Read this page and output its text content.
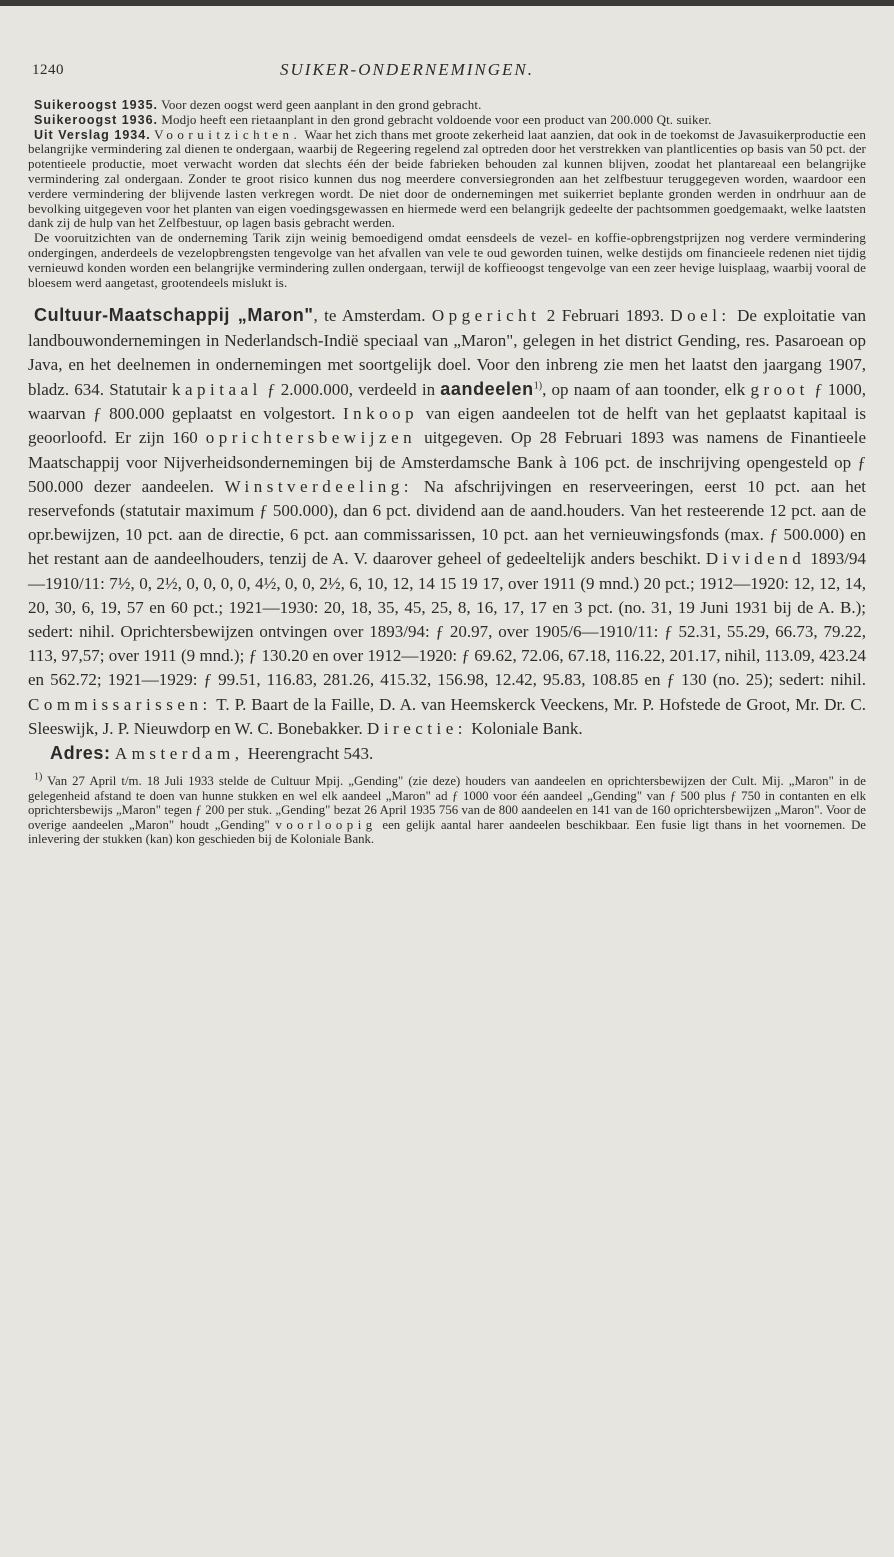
1240	SUIKER-ONDERNEMINGEN.

Suikeroogst 1935. Voor dezen oogst werd geen aanplant in den grond gebracht.

Suikeroogst 1936. Modjo heeft een rietaanplant in den grond gebracht voldoende voor een product van 200.000 Qt. suiker.

Uit Verslag 1934. Vooruitzichten. Waar het zich thans met groote zekerheid laat aanzien, dat ook in de toekomst de Javasuikerproductie een belangrijke vermindering zal dienen te ondergaan, waarbij de Regeering regelend zal optreden door het verstrekken van plantlicenties op basis van 50 pct. der potentieele productie, moet verwacht worden dat slechts één der beide fabrieken behouden zal kunnen blijven, zoodat het plantareaal een belangrijke vermindering zal ondergaan. Zonder te groot risico kunnen dus nog meerdere conversiegronden aan het zelfbestuur teruggegeven worden, waardoor een verdere vermindering der blijvende lasten verkregen wordt. De niet door de ondernemingen met suikerriet beplante gronden werden in ondrhuur aan de bevolking uitgegeven voor het planten van eigen voedingsgewassen en hiermede werd een belangrijk gedeelte der pachtsommen goedgemaakt, welke laatsten dank zij de hulp van het Zelfbestuur, op lagen basis gebracht werden.

De vooruitzichten van de onderneming Tarik zijn weinig bemoedigend omdat eensdeels de vezel- en koffie-opbrengstprijzen nog verdere vermindering ondergingen, anderdeels de vezelopbrengsten tengevolge van het afvallen van vele te oud geworden tuinen, welke destijds om financieele redenen niet tijdig vernieuwd konden worden een belangrijke vermindering zullen ondergaan, terwijl de koffieoogst tengevolge van een zeer hevige luisplaag, waarbij vooral de bloesem werd aangetast, grootendeels mislukt is.

Cultuur-Maatschappij „Maron", te Amsterdam. Opgericht 2 Februari 1893. Doel: De exploitatie van landbouwondernemingen in Nederlandsch-Indië speciaal van „Maron", gelegen in het district Gending, res. Pasaroean op Java, en het deelnemen in ondernemingen met soortgelijk doel. Voor den inbreng zie men het laatst den jaargang 1907, bladz. 634. Statutair kapitaal ƒ 2.000.000, verdeeld in aandeelen$^{1)}$, op naam of aan toonder, elk groot ƒ 1000, waarvan ƒ 800.000 geplaatst en volgestort. Inkoop van eigen aandeelen tot de helft van het geplaatst kapitaal is geoorloofd. Er zijn 160 oprichtersbewijzen uitgegeven. Op 28 Februari 1893 was namens de Finantieele Maatschappij voor Nijverheidsondernemingen bij de Amsterdamsche Bank à 106 pct. de inschrijving opengesteld op ƒ 500.000 dezer aandeelen. Winstverdeeling: Na afschrijvingen en reserveeringen, eerst 10 pct. aan het reservefonds (statutair maximum ƒ 500.000), dan 6 pct. dividend aan de aand.houders. Van het resteerende 12 pct. aan de opr.bewijzen, 10 pct. aan de directie, 6 pct. aan commissarissen, 10 pct. aan het vernieuwingsfonds (max. ƒ 500.000) en het restant aan de aandeelhouders, tenzij de A. V. daarover geheel of gedeeltelijk anders beschikt. Dividend 1893/94—1910/11: 7½, 0, 2½, 0, 0, 0, 0, 4½, 0, 0, 2½, 6, 10, 12, 14 15 19 17, over 1911 (9 mnd.) 20 pct.; 1912—1920: 12, 12, 14, 20, 30, 6, 19, 57 en 60 pct.; 1921—1930: 20, 18, 35, 45, 25, 8, 16, 17, 17 en 3 pct. (no. 31, 19 Juni 1931 bij de A. B.); sedert: nihil. Oprichtersbewijzen ontvingen over 1893/94: ƒ 20.97, over 1905/6—1910/11: ƒ 52.31, 55.29, 66.73, 79.22, 113, 97,57; over 1911 (9 mnd.); ƒ 130.20 en over 1912—1920: ƒ 69.62, 72.06, 67.18, 116.22, 201.17, nihil, 113.09, 423.24 en 562.72; 1921—1929: ƒ 99.51, 116.83, 281.26, 415.32, 156.98, 12.42, 95.83, 108.85 en ƒ 130 (no. 25); sedert: nihil. Commissarissen: T. P. Baart de la Faille, D. A. van Heemskerck Veeckens, Mr. P. Hofstede de Groot, Mr. Dr. C. Sleeswijk, J. P. Nieuwdorp en W. C. Bonebakker. Directie: Koloniale Bank.

Adres: Amsterdam, Heerengracht 543.

$^{1)}$ Van 27 April t/m. 18 Juli 1933 stelde de Cultuur Mpij. „Gending" (zie deze) houders van aandeelen en oprichtersbewijzen der Cult. Mij. „Maron" in de gelegenheid afstand te doen van hunne stukken en wel elk aandeel „Maron" ad ƒ 1000 voor één aandeel „Gending" van ƒ 500 plus ƒ 750 in contanten en elk oprichtersbewijs „Maron" tegen ƒ 200 per stuk. „Gending" bezat 26 April 1935 756 van de 800 aandeelen en 141 van de 160 oprichtersbewijzen „Maron". Voor de overige aandeelen „Maron" houdt „Gending" voorloopig een gelijk aantal harer aandeelen beschikbaar. Een fusie ligt thans in het voornemen. De inlevering der stukken (kan) kon geschieden bij de Koloniale Bank.
